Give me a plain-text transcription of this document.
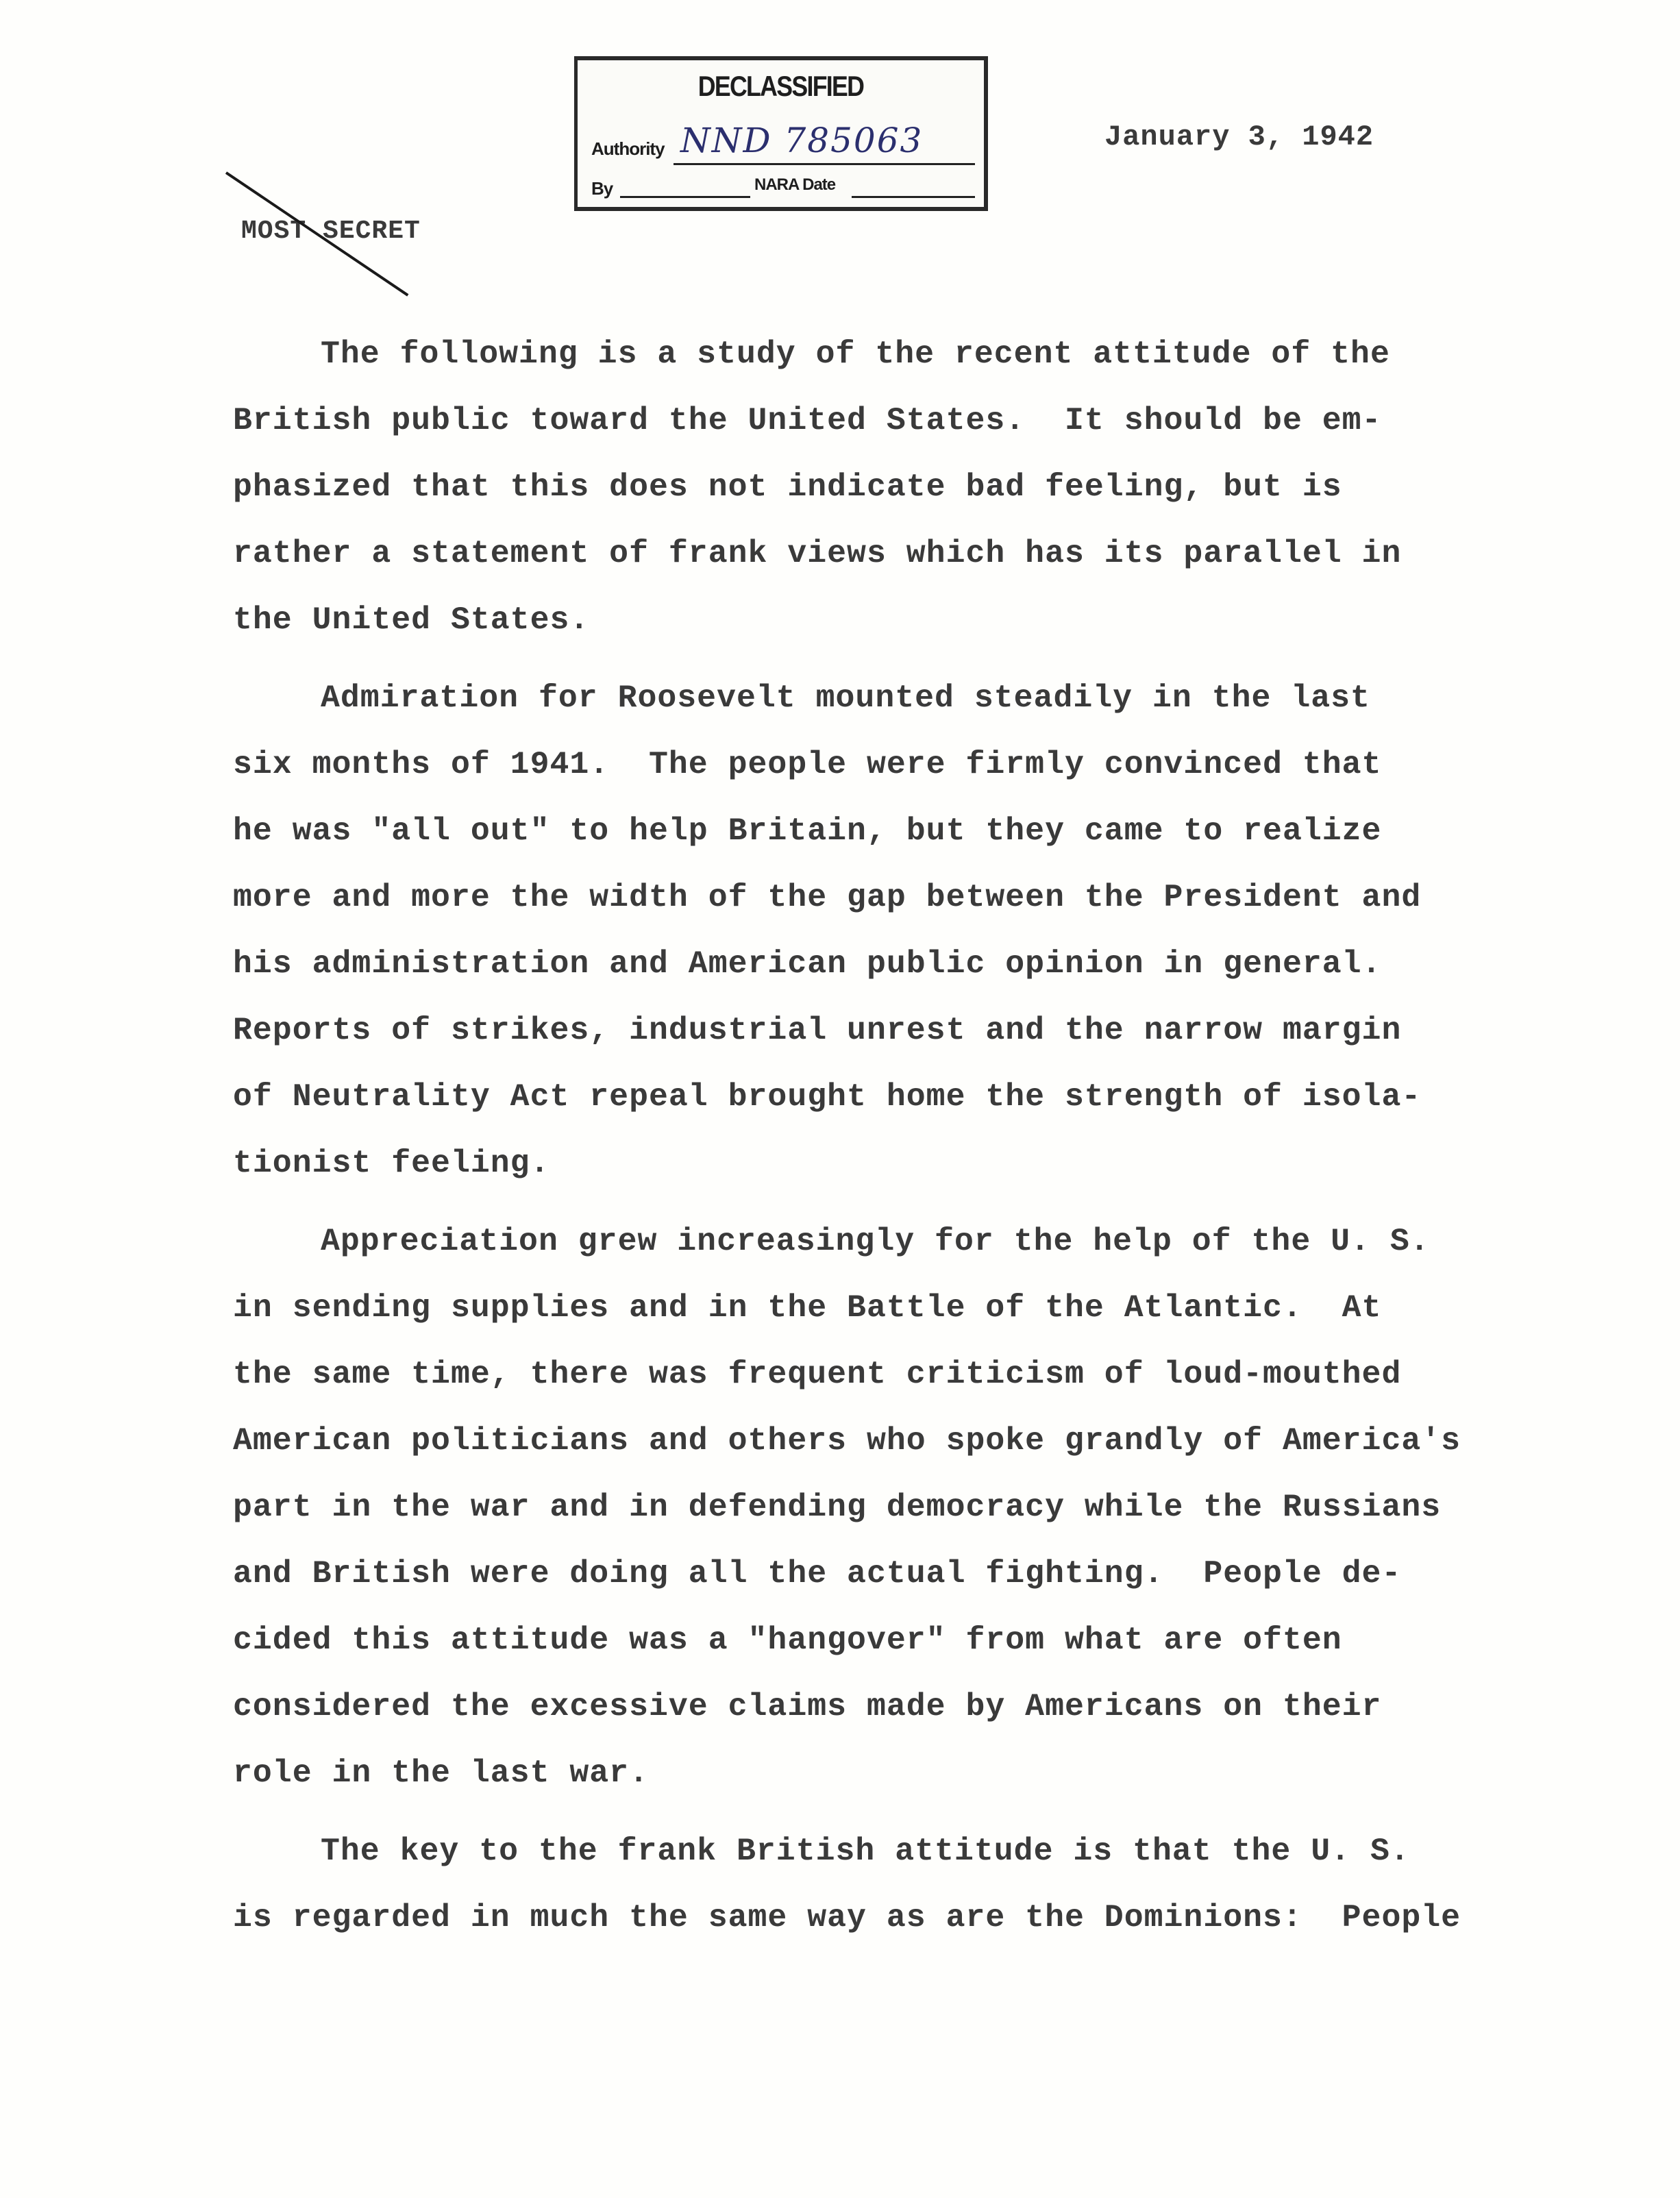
DECLASSIFIED
Authority NND 785063
By	NARA Date
January 3, 1942
MOST SECRET
The following is a study of the recent attitude of the
British public toward the United States.  It should be em-
phasized that this does not indicate bad feeling, but is
rather a statement of frank views which has its parallel in
the United States.
Admiration for Roosevelt mounted steadily in the last
six months of 1941.  The people were firmly convinced that
he was "all out" to help Britain, but they came to realize
more and more the width of the gap between the President and
his administration and American public opinion in general.
Reports of strikes, industrial unrest and the narrow margin
of Neutrality Act repeal brought home the strength of isola-
tionist feeling.
Appreciation grew increasingly for the help of the U. S.
in sending supplies and in the Battle of the Atlantic.  At
the same time, there was frequent criticism of loud-mouthed
American politicians and others who spoke grandly of America's
part in the war and in defending democracy while the Russians
and British were doing all the actual fighting.  People de-
cided this attitude was a "hangover" from what are often
considered the excessive claims made by Americans on their
role in the last war.
The key to the frank British attitude is that the U. S.
is regarded in much the same way as are the Dominions:  People
